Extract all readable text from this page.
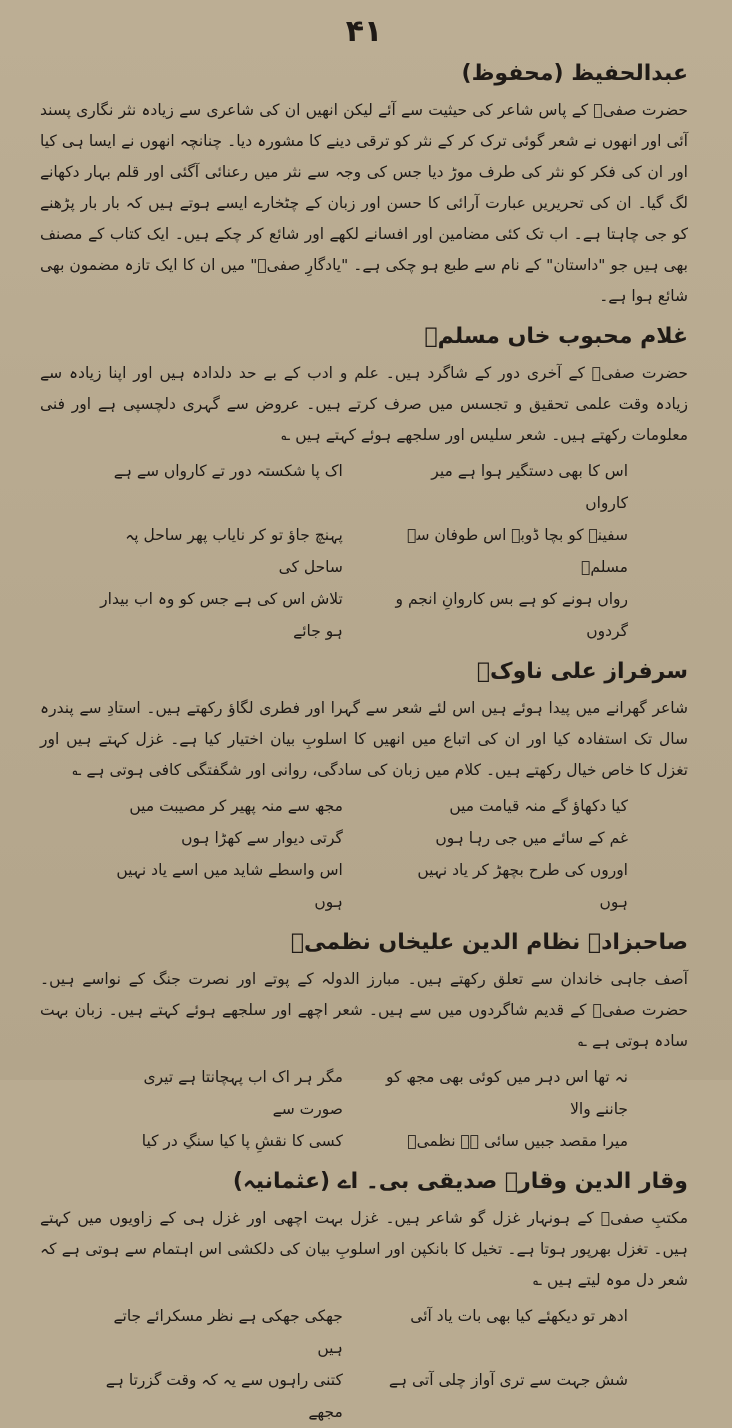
۴۱
عبدالحفیظ (محفوظ)

حضرت صفیؔ کے پاس شاعر کی حیثیت سے آئے لیکن انھیں ان کی شاعری سے زیادہ نثر نگاری پسند آئی اور انھوں نے شعر گوئی ترک کر کے نثر کو ترقی دینے کا مشورہ دیا۔ چنانچہ انھوں نے ایسا ہی کیا اور ان کی فکر کو نثر کی طرف موڑ دیا جس کی وجہ سے نثر میں رعنائی آگئی اور قلم بہار دکھانے لگ گیا۔ ان کی تحریریں عبارت آرائی کا حسن اور زبان کے چٹخارے ایسے ہوتے ہیں کہ بار بار پڑھنے کو جی چاہتا ہے۔ اب تک کئی مضامین اور افسانے لکھے اور شائع کر چکے ہیں۔ ایک کتاب کے مصنف بھی ہیں جو "داستان" کے نام سے طبع ہو چکی ہے۔ "یادگارِ صفیؔ" میں ان کا ایک تازہ مضمون بھی شائع ہوا ہے۔

غلام محبوب خاں مسلمؔ

حضرت صفیؔ کے آخری دور کے شاگرد ہیں۔ علم و ادب کے بے حد دلدادہ ہیں اور اپنا زیادہ سے زیادہ وقت علمی تحقیق و تجسس میں صرف کرتے ہیں۔ عروض سے گہری دلچسپی ہے اور فنی معلومات رکھتے ہیں۔ شعر سلیس اور سلجھے ہوئے کہتے ہیں ؎

اس کا بھی دستگیر ہوا ہے میر کارواں
اک پا شکستہ دور تے کارواں سے ہے
سفینے کو بچا ڈوبے اس طوفان سے مسلمؔ
پہنچ جاؤ تو کر نایاب پھر ساحل پہ ساحل کی
رواں ہونے کو ہے بس کاروانِ انجم و گردوں
تلاش اس کی ہے جس کو وہ اب بیدار ہو جائے
سرفراز علی ناوکؔ

شاعر گھرانے میں پیدا ہوئے ہیں اس لئے شعر سے گہرا اور فطری لگاؤ رکھتے ہیں۔ استادِ سے پندرہ سال تک استفادہ کیا اور ان کی اتباع میں انھیں کا اسلوبِ بیان اختیار کیا ہے۔ غزل کہتے ہیں اور تغزل کا خاص خیال رکھتے ہیں۔ کلام میں زبان کی سادگی، روانی اور شگفتگی کافی ہوتی ہے ؎

کیا دکھاؤ گے منہ قیامت میں
مجھ سے منہ پھیر کر مصیبت میں
غم کے سائے میں جی رہا ہوں
گرتی دیوار سے کھڑا ہوں
اوروں کی طرح بچھڑ کر یاد نہیں ہوں
اس واسطے شاید میں اسے یاد نہیں ہوں
صاحبزادہ نظام الدین علیخاں نظمیؔ

آصف جاہی خاندان سے تعلق رکھتے ہیں۔ مبارز الدولہ کے پوتے اور نصرت جنگ کے نواسے ہیں۔ حضرت صفیؔ کے قدیم شاگردوں میں سے ہیں۔ شعر اچھے اور سلجھے ہوئے کہتے ہیں۔ زبان بہت سادہ ہوتی ہے ؎

نہ تھا اس دہر میں کوئی بھی مجھ کو جاننے والا
مگر ہر اک اب پہچانتا ہے تیری صورت سے
میرا مقصد جبیں سائی ہے نظمیؔ
کسی کا نقشِ پا کیا سنگِ در کیا
وقار الدین وقارؔ صدیقی بی۔ اے (عثمانیہ)

مکتبِ صفیؔ کے ہونہار غزل گو شاعر ہیں۔ غزل بہت اچھی اور غزل ہی کے زاویوں میں کہتے ہیں۔ تغزل بھرپور ہوتا ہے۔ تخیل کا بانکپن اور اسلوبِ بیان کی دلکشی اس اہتمام سے ہوتی ہے کہ شعر دل موہ لیتے ہیں ؎

ادھر تو دیکھئے کیا بھی بات یاد آئی
جھکی جھکی ہے نظر مسکرائے جاتے ہیں
شش جہت سے تری آواز چلی آتی ہے
کتنی راہوں سے یہ کہ وقت گزرتا ہے مجھے
